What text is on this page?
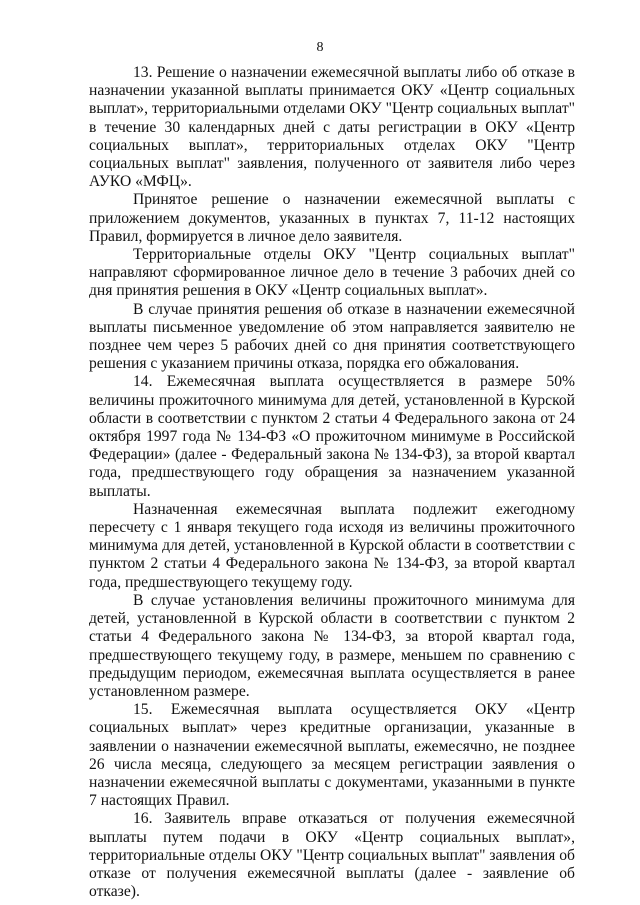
8

13. Решение о назначении ежемесячной выплаты либо об отказе в назначении указанной выплаты принимается ОКУ «Центр социальных выплат», территориальными отделами ОКУ "Центр социальных выплат" в течение 30 календарных дней с даты регистрации в ОКУ «Центр социальных выплат», территориальных отделах ОКУ "Центр социальных выплат" заявления, полученного от заявителя либо через АУКО «МФЦ».

Принятое решение о назначении ежемесячной выплаты с приложением документов, указанных в пунктах 7, 11-12 настоящих Правил, формируется в личное дело заявителя.

Территориальные отделы ОКУ "Центр социальных выплат" направляют сформированное личное дело в течение 3 рабочих дней со дня принятия решения в ОКУ «Центр социальных выплат».

В случае принятия решения об отказе в назначении ежемесячной выплаты письменное уведомление об этом направляется заявителю не позднее чем через 5 рабочих дней со дня принятия соответствующего решения с указанием причины отказа, порядка его обжалования.

14. Ежемесячная выплата осуществляется в размере 50% величины прожиточного минимума для детей, установленной в Курской области в соответствии с пунктом 2 статьи 4 Федерального закона от 24 октября 1997 года № 134-ФЗ «О прожиточном минимуме в Российской Федерации» (далее - Федеральный закона № 134-ФЗ), за второй квартал года, предшествующего году обращения за назначением указанной выплаты.

Назначенная ежемесячная выплата подлежит ежегодному пересчету с 1 января текущего года исходя из величины прожиточного минимума для детей, установленной в Курской области в соответствии с пунктом 2 статьи 4 Федерального закона № 134-ФЗ, за второй квартал года, предшествующего текущему году.

В случае установления величины прожиточного минимума для детей, установленной в Курской области в соответствии с пунктом 2 статьи 4 Федерального закона № 134-ФЗ, за второй квартал года, предшествующего текущему году, в размере, меньшем по сравнению с предыдущим периодом, ежемесячная выплата осуществляется в ранее установленном размере.

15. Ежемесячная выплата осуществляется ОКУ «Центр социальных выплат» через кредитные организации, указанные в заявлении о назначении ежемесячной выплаты, ежемесячно, не позднее 26 числа месяца, следующего за месяцем регистрации заявления о назначении ежемесячной выплаты с документами, указанными в пункте 7 настоящих Правил.

16. Заявитель вправе отказаться от получения ежемесячной выплаты путем подачи в ОКУ «Центр социальных выплат», территориальные отделы ОКУ "Центр социальных выплат" заявления об отказе от получения ежемесячной выплаты (далее - заявление об отказе).
